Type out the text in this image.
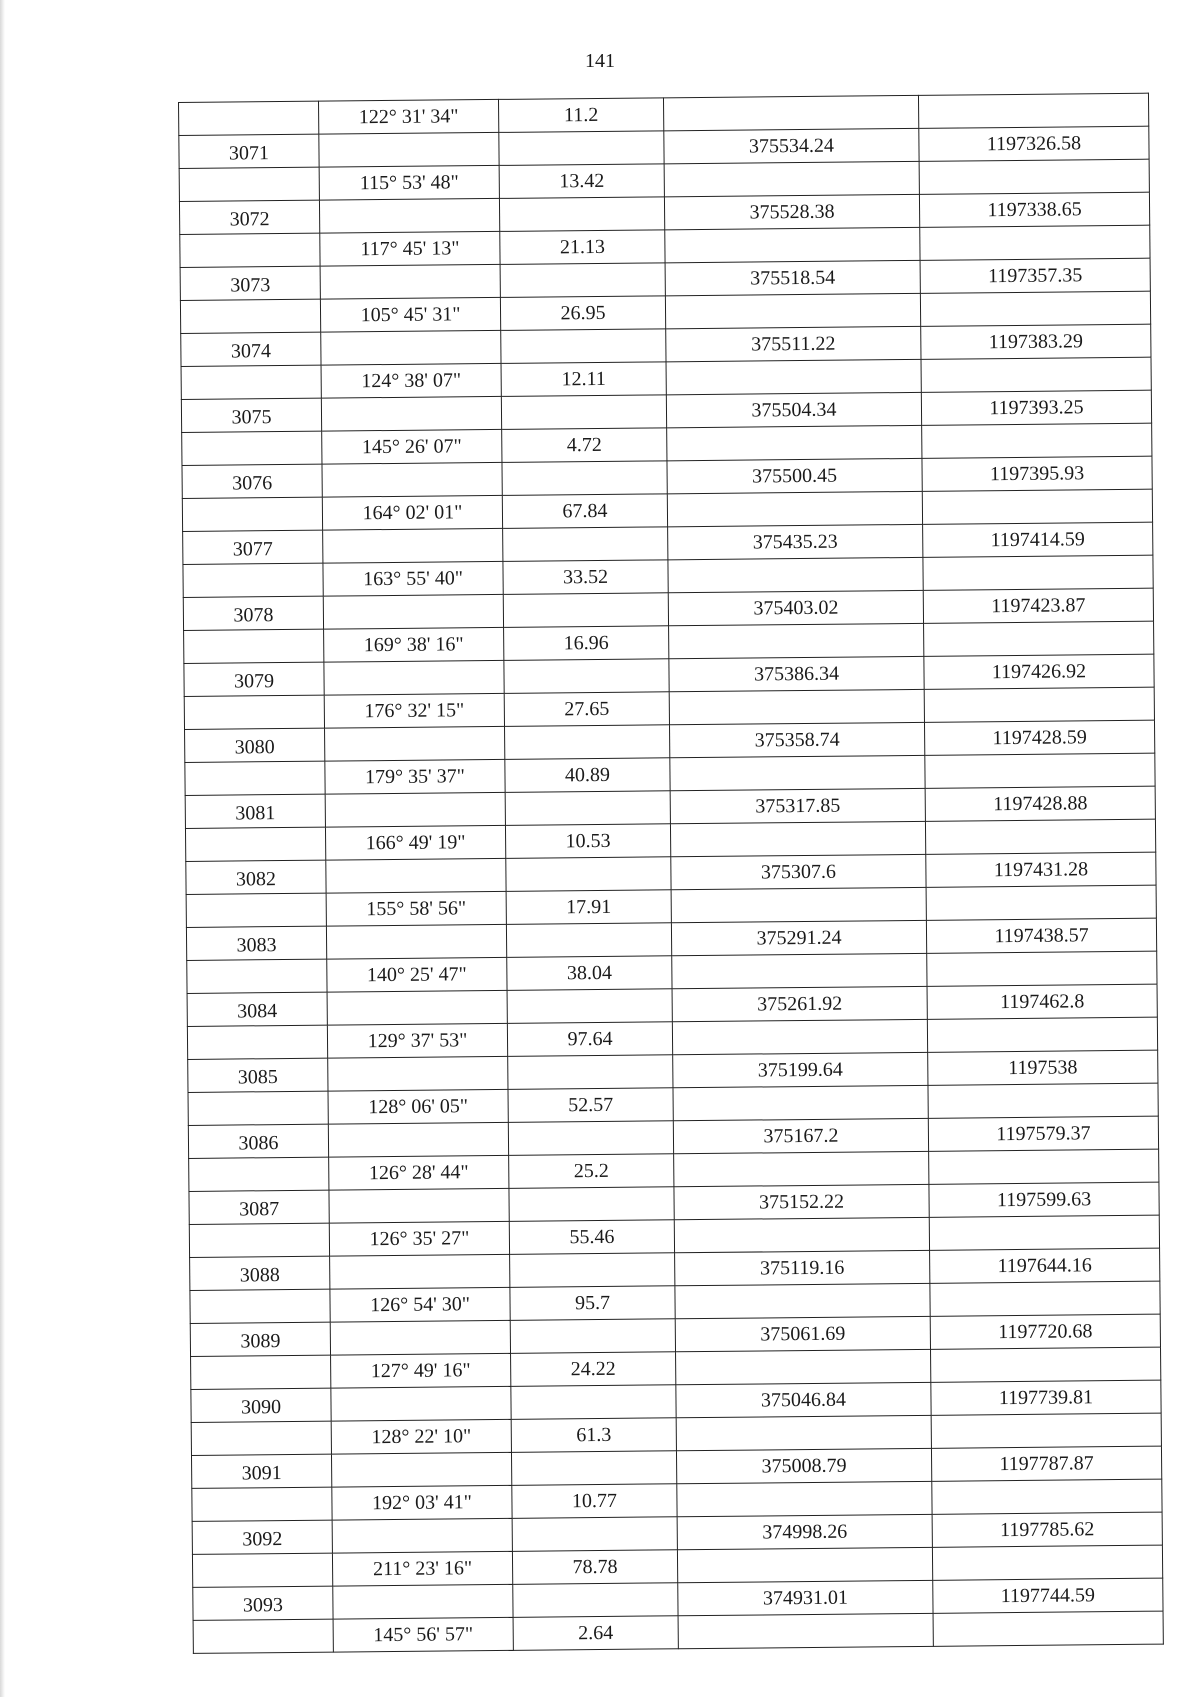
141
	122° 31' 34"	11.2		
3071			375534.24	1197326.58
	115° 53' 48"	13.42		
3072			375528.38	1197338.65
	117° 45' 13"	21.13		
3073			375518.54	1197357.35
	105° 45' 31"	26.95		
3074			375511.22	1197383.29
	124° 38' 07"	12.11		
3075			375504.34	1197393.25
	145° 26' 07"	4.72		
3076			375500.45	1197395.93
	164° 02' 01"	67.84		
3077			375435.23	1197414.59
	163° 55' 40"	33.52		
3078			375403.02	1197423.87
	169° 38' 16"	16.96		
3079			375386.34	1197426.92
	176° 32' 15"	27.65		
3080			375358.74	1197428.59
	179° 35' 37"	40.89		
3081			375317.85	1197428.88
	166° 49' 19"	10.53		
3082			375307.6	1197431.28
	155° 58' 56"	17.91		
3083			375291.24	1197438.57
	140° 25' 47"	38.04		
3084			375261.92	1197462.8
	129° 37' 53"	97.64		
3085			375199.64	1197538
	128° 06' 05"	52.57		
3086			375167.2	1197579.37
	126° 28' 44"	25.2		
3087			375152.22	1197599.63
	126° 35' 27"	55.46		
3088			375119.16	1197644.16
	126° 54' 30"	95.7		
3089			375061.69	1197720.68
	127° 49' 16"	24.22		
3090			375046.84	1197739.81
	128° 22' 10"	61.3		
3091			375008.79	1197787.87
	192° 03' 41"	10.77		
3092			374998.26	1197785.62
	211° 23' 16"	78.78		
3093			374931.01	1197744.59
	145° 56' 57"	2.64		
